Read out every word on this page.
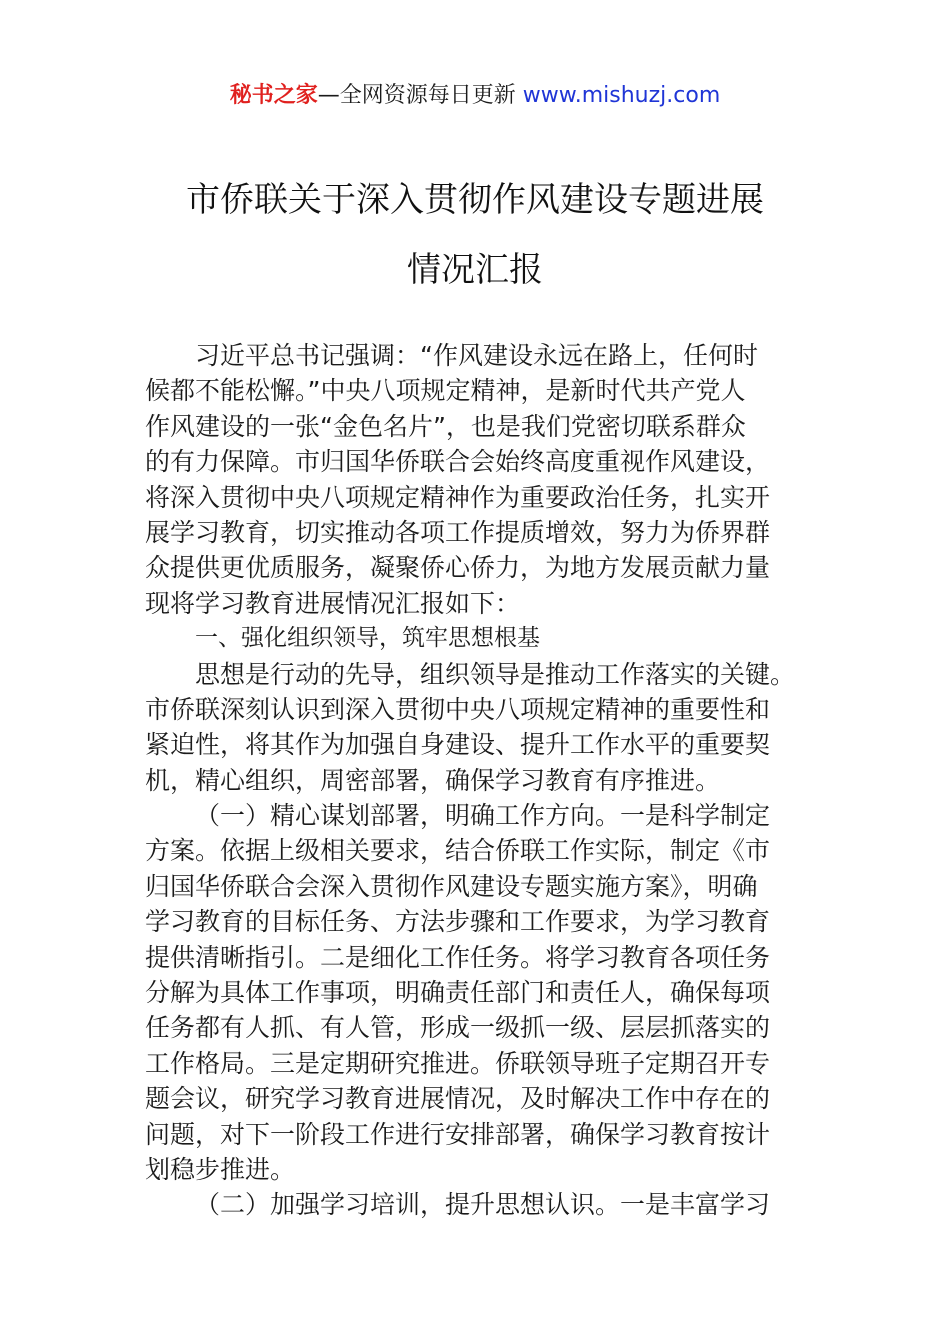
秘书之家—全网资源每日更新 www.mishuzj.com
市侨联关于深入贯彻作风建设专题进展
情况汇报
习近平总书记强调：“作风建设永远在路上，任何时
候都不能松懈。”中央八项规定精神，是新时代共产党人
作风建设的一张“金色名片”，也是我们党密切联系群众
的有力保障。市归国华侨联合会始终高度重视作风建设，
将深入贯彻中央八项规定精神作为重要政治任务，扎实开
展学习教育，切实推动各项工作提质增效，努力为侨界群
众提供更优质服务，凝聚侨心侨力，为地方发展贡献力量
现将学习教育进展情况汇报如下：
一、强化组织领导，筑牢思想根基
思想是行动的先导，组织领导是推动工作落实的关键。
市侨联深刻认识到深入贯彻中央八项规定精神的重要性和
紧迫性，将其作为加强自身建设、提升工作水平的重要契
机，精心组织，周密部署，确保学习教育有序推进。
（一）精心谋划部署，明确工作方向。一是科学制定
方案。依据上级相关要求，结合侨联工作实际，制定《市
归国华侨联合会深入贯彻作风建设专题实施方案》，明确
学习教育的目标任务、方法步骤和工作要求，为学习教育
提供清晰指引。二是细化工作任务。将学习教育各项任务
分解为具体工作事项，明确责任部门和责任人，确保每项
任务都有人抓、有人管，形成一级抓一级、层层抓落实的
工作格局。三是定期研究推进。侨联领导班子定期召开专
题会议，研究学习教育进展情况，及时解决工作中存在的
问题，对下一阶段工作进行安排部署，确保学习教育按计
划稳步推进。
（二）加强学习培训，提升思想认识。一是丰富学习
